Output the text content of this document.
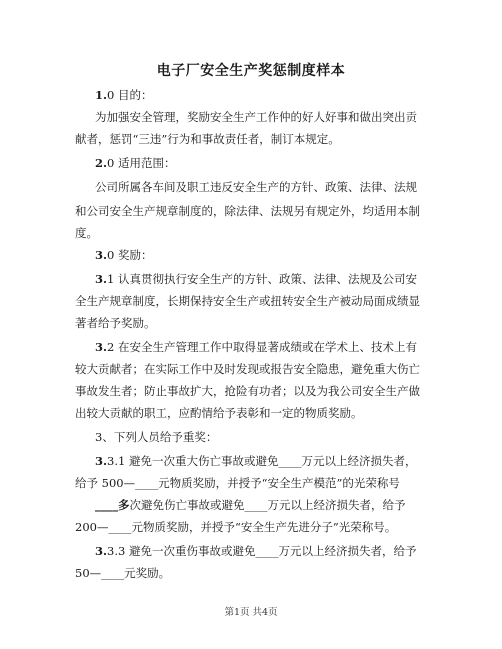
电子厂安全生产奖惩制度样本
1.0 目的：
为加强安全管理，奖励安全生产工作仲的好人好事和做出突出贡
献者，惩罚“三违”行为和事故责任者，制订本规定。
2.0 适用范围：
公司所属各车间及职工违反安全生产的方针、政策、法律、法规
和公司安全生产规章制度的，除法律、法规另有规定外，均适用本制
度。
3.0 奖励：
3.1 认真贯彻执行安全生产的方针、政策、法律、法规及公司安
全生产规章制度，长期保持安全生产或扭转安全生产被动局面成绩显
著者给予奖励。
3.2 在安全生产管理工作中取得显著成绩或在学术上、技术上有
较大贡献者；在实际工作中及时发现或报告安全隐患，避免重大伤亡
事故发生者；防止事故扩大，抢险有功者；以及为我公司安全生产做
出较大贡献的职工，应酌情给予表彰和一定的物质奖励。
3、下列人员给予重奖：
3.3.1 避免一次重大伤亡事故或避免____万元以上经济损失者，
给予 500—____元物质奖励，并授予“安全生产模范”的光荣称号
____多次避免伤亡事故或避免____万元以上经济损失者，给予
200—____元物质奖励，并授予“安全生产先进分子”光荣称号。
3.3.3 避免一次重伤事故或避免____万元以上经济损失者，给予
50—____元奖励。
第1页 共4页
